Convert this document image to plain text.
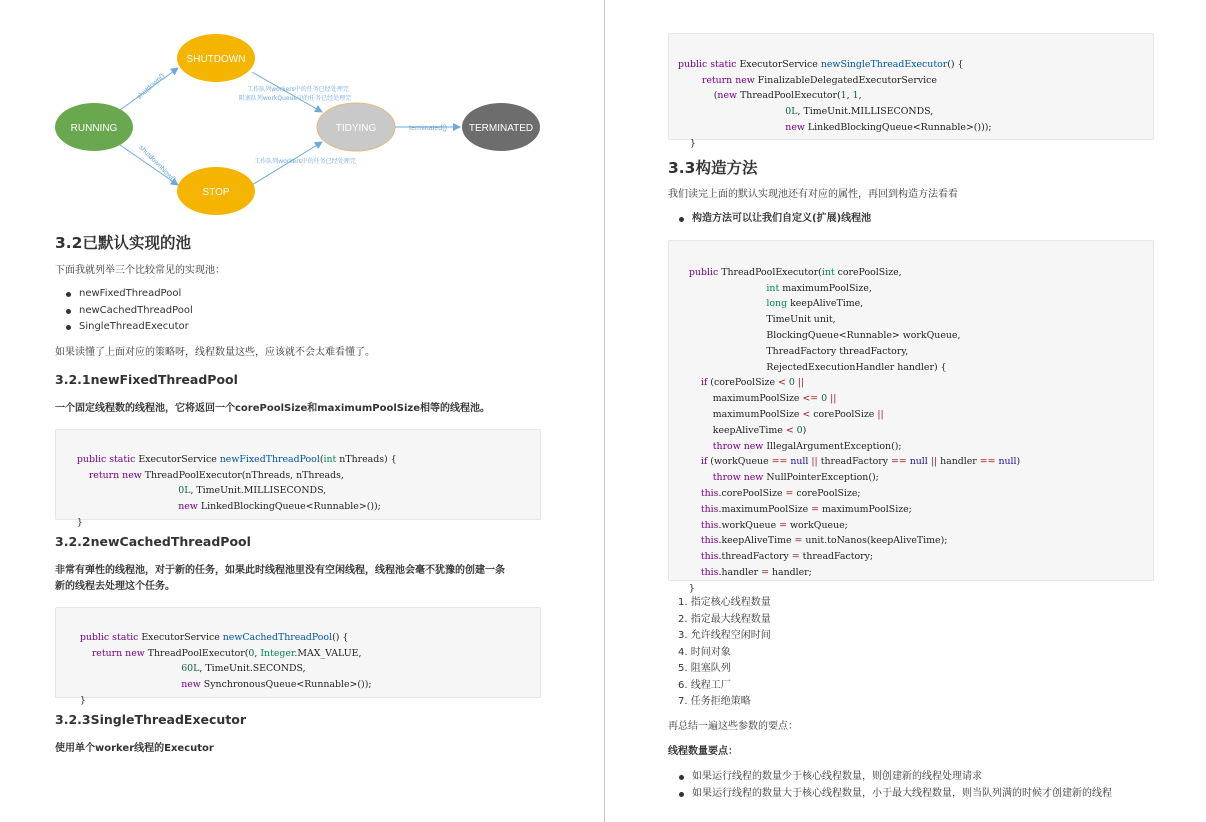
RUNNING
SHUTDOWN
STOP
TIDYING	TERMINATED
shutdown()
shutdownNow()
terminated()
工作队列workers中的任务已经处理完
阻塞队列workQueue中的任务已经处理完
工作队列workers中的任务已经处理完
3.2已默认实现的池

下面我就列举三个比较常见的实现池：

newFixedThreadPool
newCachedThreadPool
SingleThreadExecutor

如果读懂了上面对应的策略呀，线程数量这些，应该就不会太难看懂了。

3.2.1newFixedThreadPool

一个固定线程数的线程池，它将返回一个corePoolSize和maximumPoolSize相等的线程池。

public static ExecutorService newFixedThreadPool(int nThreads) {
return new ThreadPoolExecutor(nThreads, nThreads,
0L, TimeUnit.MILLISECONDS,
new LinkedBlockingQueue<Runnable>());
}

3.2.2newCachedThreadPool

非常有弹性的线程池，对于新的任务，如果此时线程池里没有空闲线程，线程池会毫不犹豫的创建一条

新的线程去处理这个任务。

public static ExecutorService newCachedThreadPool() {
return new ThreadPoolExecutor(0, Integer.MAX_VALUE,
60L, TimeUnit.SECONDS,
new SynchronousQueue<Runnable>());
}

3.2.3SingleThreadExecutor

使用单个worker线程的Executor

public static ExecutorService newSingleThreadExecutor() {
return new FinalizableDelegatedExecutorService
(new ThreadPoolExecutor(1, 1,
0L, TimeUnit.MILLISECONDS,
new LinkedBlockingQueue<Runnable>()));
}

3.3构造方法

我们读完上面的默认实现池还有对应的属性，再回到构造方法看看

构造方法可以让我们自定义(扩展)线程池

public ThreadPoolExecutor(int corePoolSize,
int maximumPoolSize,
long keepAliveTime,
TimeUnit unit,
BlockingQueue<Runnable> workQueue,
ThreadFactory threadFactory,
RejectedExecutionHandler handler) {
if (corePoolSize < 0 ||
maximumPoolSize <= 0 ||
maximumPoolSize < corePoolSize ||
keepAliveTime < 0)
throw new IllegalArgumentException();
if (workQueue == null || threadFactory == null || handler == null)
throw new NullPointerException();
this.corePoolSize = corePoolSize;
this.maximumPoolSize = maximumPoolSize;
this.workQueue = workQueue;
this.keepAliveTime = unit.toNanos(keepAliveTime);
this.threadFactory = threadFactory;
this.handler = handler;
}

1. 指定核心线程数量
2. 指定最大线程数量
3. 允许线程空闲时间
4. 时间对象
5. 阻塞队列
6. 线程工厂
7. 任务拒绝策略

再总结一遍这些参数的要点：

线程数量要点：

如果运行线程的数量少于核心线程数量，则创建新的线程处理请求
如果运行线程的数量大于核心线程数量，小于最大线程数量，则当队列满的时候才创建新的线程
